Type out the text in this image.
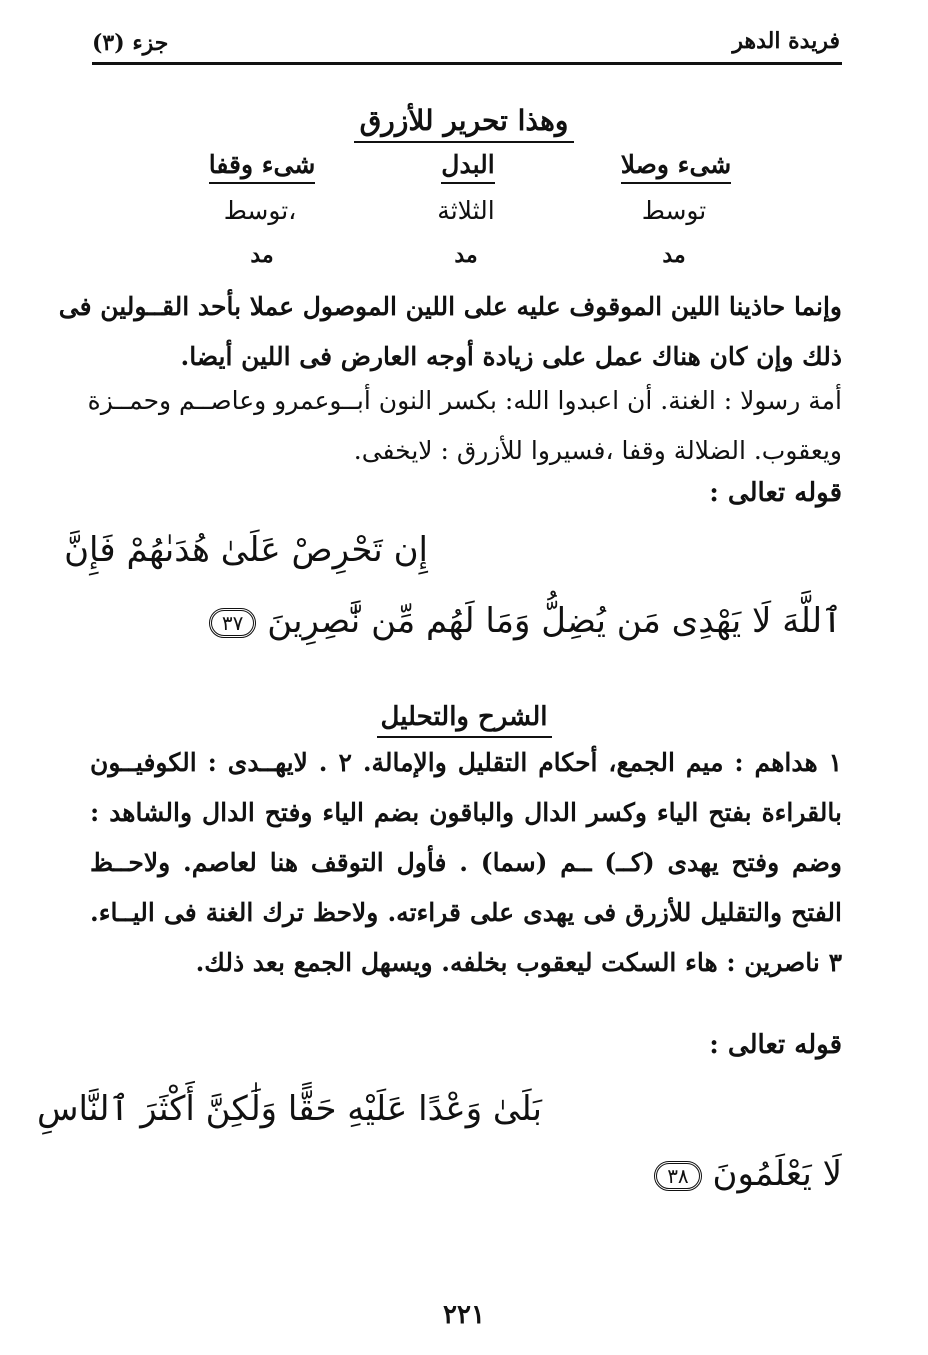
فريدة الدهر
جزء (٣)
وهذا تحرير للأزرق
شىء وصلا
البدل
شىء وقفا
توسط
الثلاثة
،توسط
مد
مد
مد
وإنما حاذينا اللين الموقوف عليه على اللين الموصول عملا بأحد القــولين فى
ذلك وإن كان هناك عمل على زيادة أوجه العارض فى اللين أيضا.
أمة رسولا : الغنة. أن اعبدوا الله: بكسر النون أبــوعمرو وعاصــم وحمــزة
ويعقوب. الضلالة وقفا ،فسيروا للأزرق : لايخفى.
قوله تعالى :
إِن تَحْرِصْ عَلَىٰ هُدَىٰهُمْ فَإِنَّ
ٱللَّهَ لَا يَهْدِى مَن يُضِلُّ وَمَا لَهُم مِّن نَّٰصِرِينَ ٣٧
الشرح والتحليل
١ هداهم : ميم الجمع، أحكام التقليل والإمالة. ٢ . لايهــدى : الكوفيــون
بالقراءة بفتح الياء وكسر الدال والباقون بضم الياء وفتح الدال والشاهد :
وضم وفتح يهدى (كــ) ــم (سما) . فأول التوقف هنا لعاصم. ولاحــظ
الفتح والتقليل للأزرق فى يهدى على قراءته. ولاحظ ترك الغنة فى اليــاء.
٣ ناصرين : هاء السكت ليعقوب بخلفه. ويسهل الجمع بعد ذلك.
قوله تعالى :
بَلَىٰ وَعْدًا عَلَيْهِ حَقًّا وَلَٰكِنَّ أَكْثَرَ ٱلنَّاسِ
لَا يَعْلَمُونَ ٣٨
٢٢١
